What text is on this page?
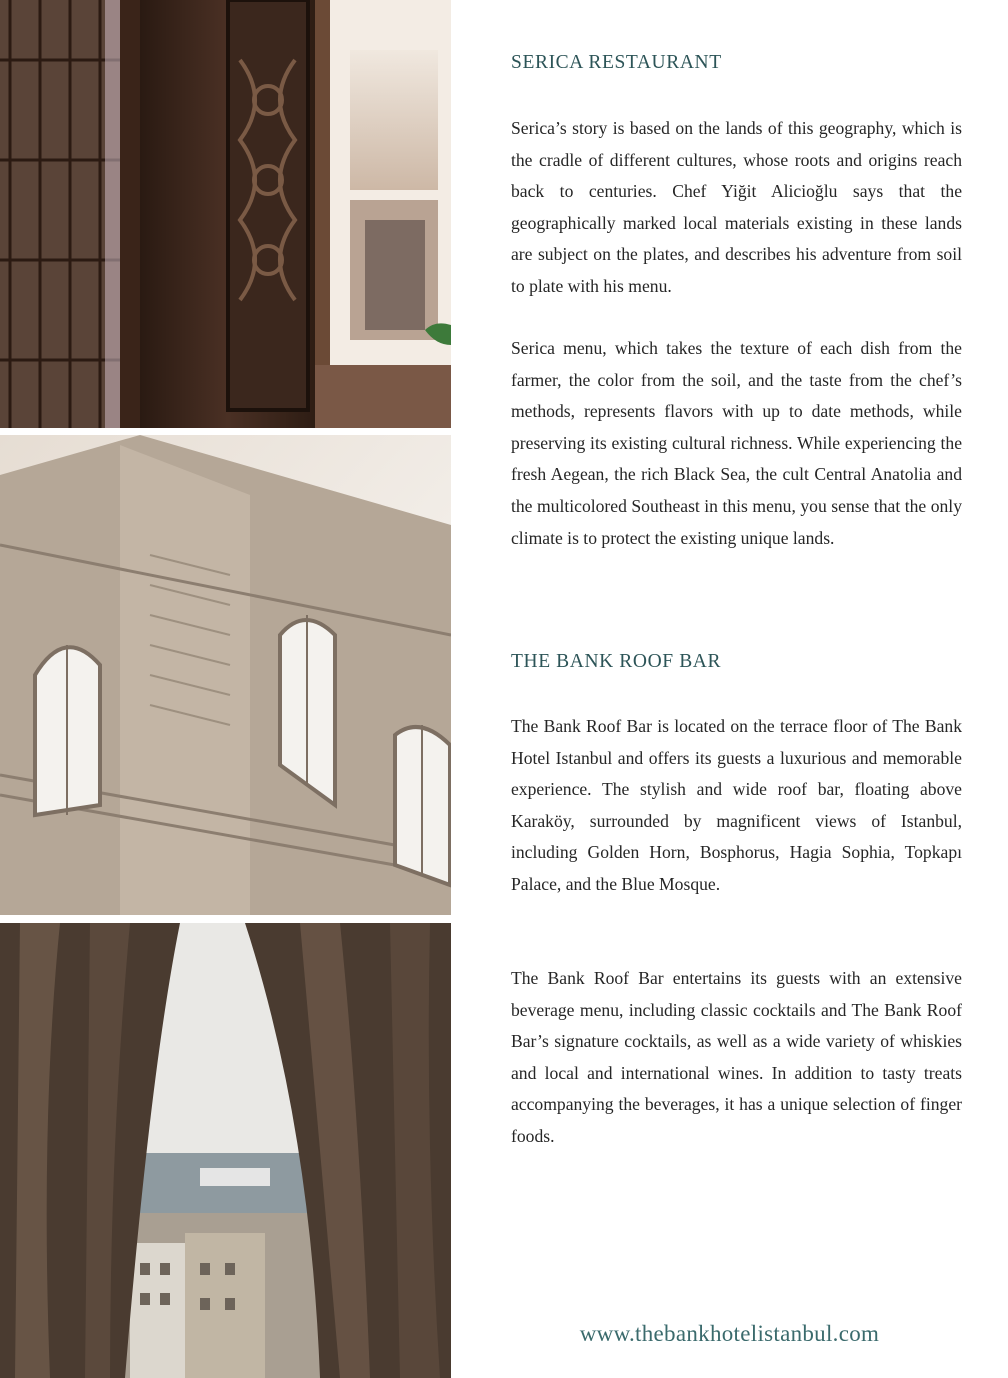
SERICA RESTAURANT

Serica’s story is based on the lands of this geography, which is the cradle of different cultures, whose roots and origins reach back to centuries. Chef Yiğit Alicioğlu says that the geographically marked local materials existing in these lands are subject on the plates, and describes his adventure from soil to plate with his menu.

Serica menu, which takes the texture of each dish from the farmer, the color from the soil, and the taste from the chef’s methods, represents flavors with up to date methods, while preserving its existing cultural richness. While experiencing the fresh Aegean, the rich Black Sea, the cult Central Anatolia and the multicolored Southeast in this menu, you sense that the only climate is to protect the existing unique lands.

THE BANK ROOF BAR

The Bank Roof Bar is located on the terrace floor of The Bank Hotel Istanbul and offers its guests a luxurious and memorable experience. The stylish and wide roof bar, floating above Karaköy, surrounded by magnificent views of Istanbul, including Golden Horn, Bosphorus, Hagia Sophia, Topkapı Palace, and the Blue Mosque.

The Bank Roof Bar entertains its guests with an extensive beverage menu, including classic cocktails and The Bank Roof Bar’s signature cocktails, as well as a wide variety of whiskies and local and international wines. In addition to tasty treats accompanying the beverages, it has a unique selection of finger foods.

www.thebankhotelistanbul.com
